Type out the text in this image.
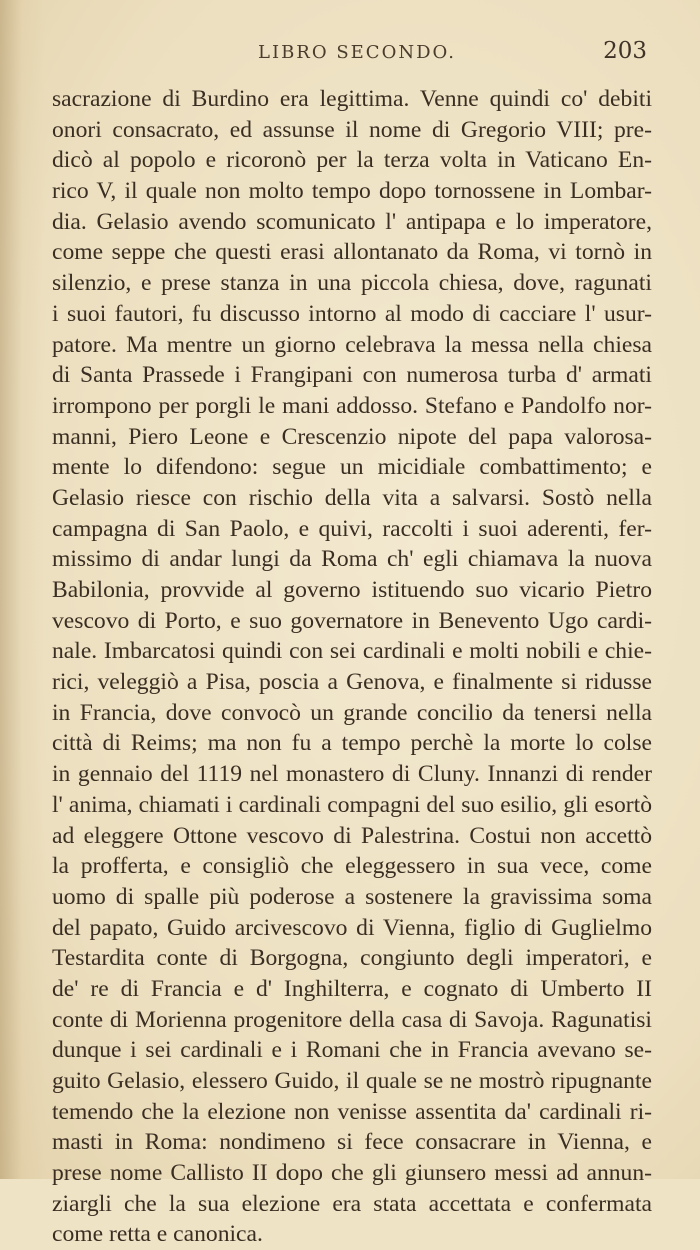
LIBRO SECONDO.	203
sacrazione di Burdino era legittima. Venne quindi co' debiti
onori consacrato, ed assunse il nome di Gregorio VIII; pre-
dicò al popolo e ricoronò per la terza volta in Vaticano En-
rico V, il quale non molto tempo dopo tornossene in Lombar-
dia. Gelasio avendo scomunicato l' antipapa e lo imperatore,
come seppe che questi erasi allontanato da Roma, vi tornò in
silenzio, e prese stanza in una piccola chiesa, dove, ragunati
i suoi fautori, fu discusso intorno al modo di cacciare l' usur-
patore. Ma mentre un giorno celebrava la messa nella chiesa
di Santa Prassede i Frangipani con numerosa turba d' armati
irrompono per porgli le mani addosso. Stefano e Pandolfo nor-
manni, Piero Leone e Crescenzio nipote del papa valorosa-
mente lo difendono: segue un micidiale combattimento; e
Gelasio riesce con rischio della vita a salvarsi. Sostò nella
campagna di San Paolo, e quivi, raccolti i suoi aderenti, fer-
missimo di andar lungi da Roma ch' egli chiamava la nuova
Babilonia, provvide al governo istituendo suo vicario Pietro
vescovo di Porto, e suo governatore in Benevento Ugo cardi-
nale. Imbarcatosi quindi con sei cardinali e molti nobili e chie-
rici, veleggiò a Pisa, poscia a Genova, e finalmente si ridusse
in Francia, dove convocò un grande concilio da tenersi nella
città di Reims; ma non fu a tempo perchè la morte lo colse
in gennaio del 1119 nel monastero di Cluny. Innanzi di render
l' anima, chiamati i cardinali compagni del suo esilio, gli esortò
ad eleggere Ottone vescovo di Palestrina. Costui non accettò
la profferta, e consigliò che eleggessero in sua vece, come
uomo di spalle più poderose a sostenere la gravissima soma
del papato, Guido arcivescovo di Vienna, figlio di Guglielmo
Testardita conte di Borgogna, congiunto degli imperatori, e
de' re di Francia e d' Inghilterra, e cognato di Umberto II
conte di Morienna progenitore della casa di Savoja. Ragunatisi
dunque i sei cardinali e i Romani che in Francia avevano se-
guito Gelasio, elessero Guido, il quale se ne mostrò ripugnante
temendo che la elezione non venisse assentita da' cardinali ri-
masti in Roma: nondimeno si fece consacrare in Vienna, e
prese nome Callisto II dopo che gli giunsero messi ad annun-
ziargli che la sua elezione era stata accettata e confermata
come retta e canonica.
